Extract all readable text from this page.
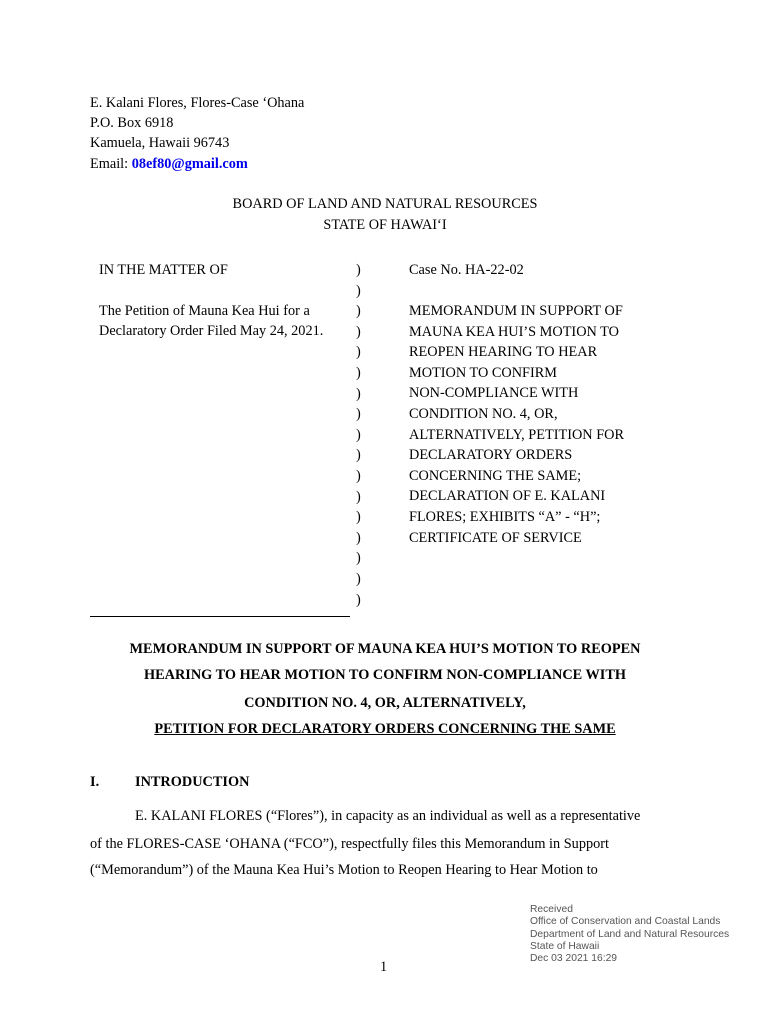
E. Kalani Flores, Flores-Case ‘Ohana
P.O. Box 6918
Kamuela, Hawaii 96743
Email: 08ef80@gmail.com
BOARD OF LAND AND NATURAL RESOURCES
STATE OF HAWAIʻI
IN THE MATTER OF
The Petition of Mauna Kea Hui for a
Declaratory Order Filed May 24, 2021.
)
)
)
)
)
)
)
)
)
)
)
)
)
)
)
)
)
Case No. HA-22-02
MEMORANDUM IN SUPPORT OF
MAUNA KEA HUI’S MOTION TO
REOPEN HEARING TO HEAR
MOTION TO CONFIRM
NON-COMPLIANCE WITH
CONDITION NO. 4, OR,
ALTERNATIVELY, PETITION FOR
DECLARATORY ORDERS
CONCERNING THE SAME;
DECLARATION OF E. KALANI
FLORES; EXHIBITS “A” - “H”;
CERTIFICATE OF SERVICE
MEMORANDUM IN SUPPORT OF MAUNA KEA HUI’S MOTION TO REOPEN
HEARING TO HEAR MOTION TO CONFIRM NON-COMPLIANCE WITH
CONDITION NO. 4, OR, ALTERNATIVELY,
PETITION FOR DECLARATORY ORDERS CONCERNING THE SAME
I.	INTRODUCTION
E. KALANI FLORES (“Flores”), in capacity as an individual as well as a representative
of the FLORES-CASE ‘OHANA (“FCO”), respectfully files this Memorandum in Support
(“Memorandum”) of the Mauna Kea Hui’s Motion to Reopen Hearing to Hear Motion to
Received
Office of Conservation and Coastal Lands
Department of Land and Natural Resources
State of Hawaii
Dec 03 2021 16:29
1
